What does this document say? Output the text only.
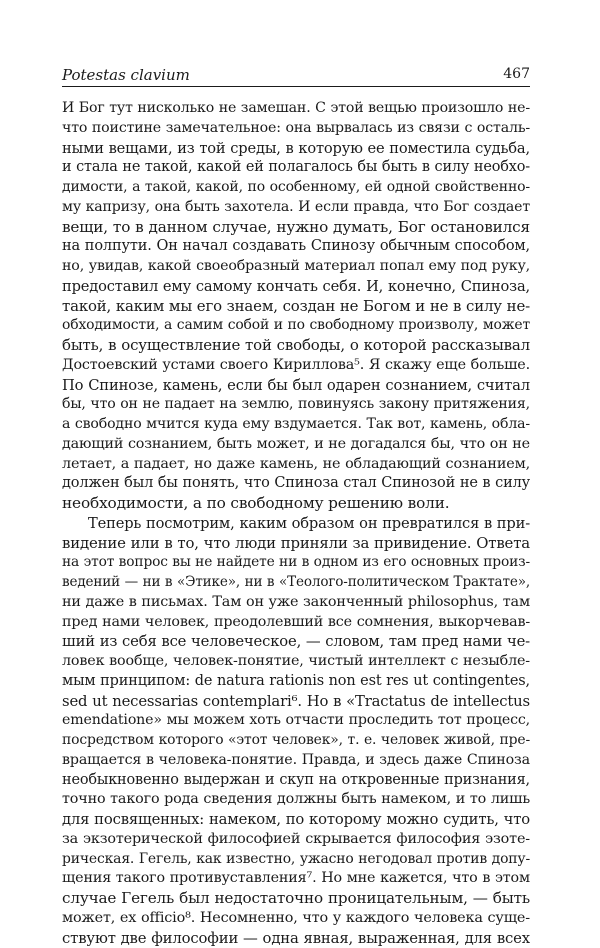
Potestas clavium	467
И Бог тут нисколько не замешан. С этой вещью произошло не-
что поистине замечательное: она вырвалась из связи с осталь-
ными вещами, из той среды, в которую ее поместила судьба,
и стала не такой, какой ей полагалось бы быть в силу необхо-
димости, а такой, какой, по особенному, ей одной свойственно-
му капризу, она быть захотела. И если правда, что Бог создает
вещи, то в данном случае, нужно думать, Бог остановился
на полпути. Он начал создавать Спинозу обычным способом,
но, увидав, какой своеобразный материал попал ему под руку,
предоставил ему самому кончать себя. И, конечно, Спиноза,
такой, каким мы его знаем, создан не Богом и не в силу не-
обходимости, а самим собой и по свободному произволу, может
быть, в осуществление той свободы, о которой рассказывал
Достоевский устами своего Кириллова⁵. Я скажу еще больше.
По Спинозе, камень, если бы был одарен сознанием, считал
бы, что он не падает на землю, повинуясь закону притяжения,
а свободно мчится куда ему вздумается. Так вот, камень, обла-
дающий сознанием, быть может, и не догадался бы, что он не
летает, а падает, но даже камень, не обладающий сознанием,
должен был бы понять, что Спиноза стал Спинозой не в силу
необходимости, а по свободному решению воли.
Теперь посмотрим, каким образом он превратился в при-
видение или в то, что люди приняли за привидение. Ответа
на этот вопрос вы не найдете ни в одном из его основных произ-
ведений — ни в «Этике», ни в «Теолого-политическом Трактате»,
ни даже в письмах. Там он уже законченный philosophus, там
пред нами человек, преодолевший все сомнения, выкорчевав-
ший из себя все человеческое, — словом, там пред нами че-
ловек вообще, человек-понятие, чистый интеллект с незыбле-
мым принципом: de natura rationis non est res ut contingentes,
sed ut necessarias contemplari⁶. Но в «Tractatus de intellectus
emendatione» мы можем хоть отчасти проследить тот процесс,
посредством которого «этот человек», т. е. человек живой, пре-
вращается в человека-понятие. Правда, и здесь даже Спиноза
необыкновенно выдержан и скуп на откровенные признания,
точно такого рода сведения должны быть намеком, и то лишь
для посвященных: намеком, по которому можно судить, что
за экзотерической философией скрывается философия эзоте-
рическая. Гегель, как известно, ужасно негодовал против допу-
щения такого противуставления⁷. Но мне кажется, что в этом
случае Гегель был недостаточно проницательным, — быть
может, ex officio⁸. Несомненно, что у каждого человека суще-
ствуют две философии — одна явная, выраженная, для всех
